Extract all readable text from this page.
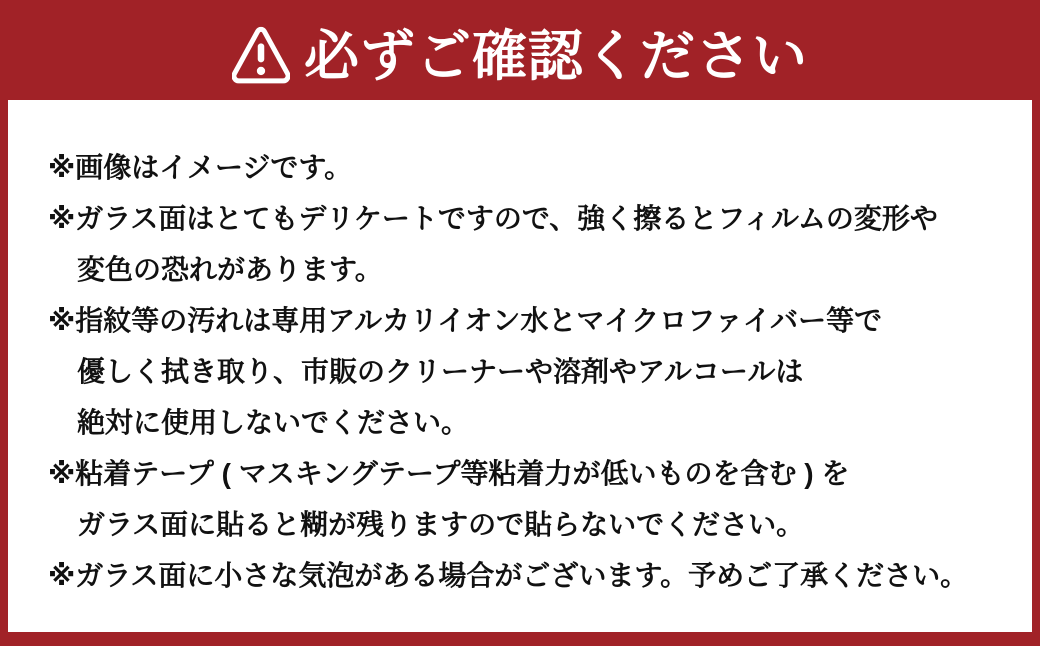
必ずご確認ください

※画像はイメージです。

※ガラス面はとてもデリケートですので、強く擦るとフィルムの変形や
変色の恐れがあります。

※指紋等の汚れは専用アルカリイオン水とマイクロファイバー等で
優しく拭き取り、市販のクリーナーや溶剤やアルコールは
絶対に使用しないでください。

※粘着テープ ( マスキングテープ等粘着力が低いものを含む ) を
ガラス面に貼ると糊が残りますので貼らないでください。

※ガラス面に小さな気泡がある場合がございます。予めご了承ください。
